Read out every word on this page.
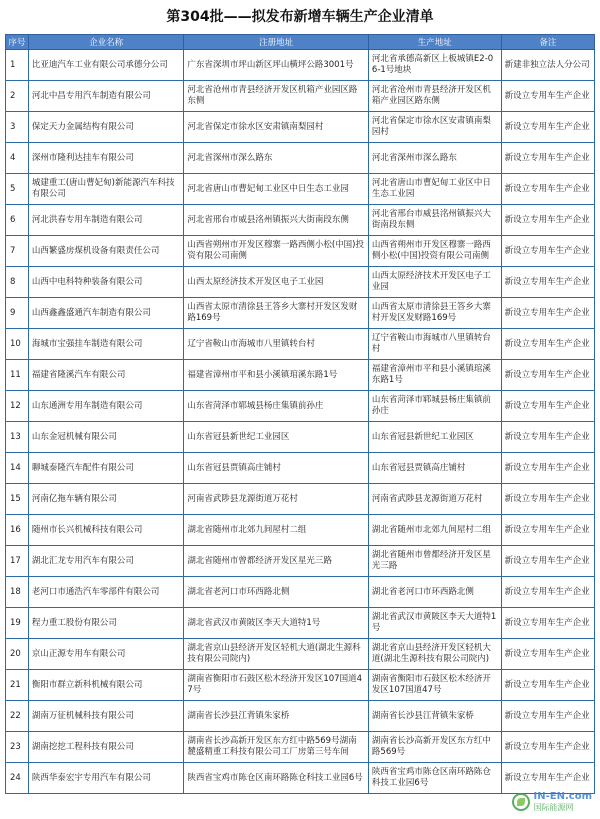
第304批——拟发布新增车辆生产企业清单
序号	企业名称	注册地址	生产地址	备注
1	比亚迪汽车工业有限公司承德分公司	广东省深圳市坪山新区坪山横坪公路3001号	河北省承德高新区上板城镇E2-06-1号地块	新建非独立法人分公司
2	河北中昌专用汽车制造有限公司	河北省沧州市青县经济开发区机箱产业园区路东侧	河北省沧州市青县经济开发区机箱产业园区路东侧	新设立专用车生产企业
3	保定天力金属结构有限公司	河北省保定市徐水区安肃镇南梨园村	河北省保定市徐水区安肃镇南梨园村	新设立专用车生产企业
4	深州市隆利达挂车有限公司	河北省深州市深么路东	河北省深州市深么路东	新设立专用车生产企业
5	城建重工(唐山曹妃甸)新能源汽车科技有限公司	河北省唐山市曹妃甸工业区中日生态工业园	河北省唐山市曹妃甸工业区中日生态工业园	新设立专用车生产企业
6	河北洪春专用车制造有限公司	河北省邢台市威县洺州镇振兴大街南段东侧	河北省邢台市威县洺州镇振兴大街南段东侧	新设立专用车生产企业
7	山西繁盛房煤机设备有限责任公司	山西省朔州市开发区穆寨一路西侧小松(中国)投资有限公司南侧	山西省朔州市开发区穆寨一路西侧小松(中国)投资有限公司南侧	新设立专用车生产企业
8	山西中电科特种装备有限公司	山西太原经济技术开发区电子工业园	山西太原经济技术开发区电子工业园	新设立专用车生产企业
9	山西鑫鑫盛通汽车制造有限公司	山西省太原市清徐县王答乡大寨村开发区发财路169号	山西省太原市清徐县王答乡大寨村开发区发财路169号	新设立专用车生产企业
10	海城市宝强挂车制造有限公司	辽宁省鞍山市海城市八里镇转台村	辽宁省鞍山市海城市八里镇转台村	新设立专用车生产企业
11	福建省隆溪汽车有限公司	福建省漳州市平和县小溪镇琯溪东路1号	福建省漳州市平和县小溪镇琯溪东路1号	新设立专用车生产企业
12	山东通洲专用车制造有限公司	山东省菏泽市郓城县杨庄集镇前孙庄	山东省菏泽市郓城县杨庄集镇前孙庄	新设立专用车生产企业
13	山东金冠机械有限公司	山东省冠县新世纪工业园区	山东省冠县新世纪工业园区	新设立专用车生产企业
14	聊城泰隆汽车配件有限公司	山东省冠县贾镇高庄铺村	山东省冠县贾镇高庄铺村	新设立专用车生产企业
15	河南亿拖车辆有限公司	河南省武陟县龙源街道万花村	河南省武陟县龙源街道万花村	新设立专用车生产企业
16	随州市长兴机械科技有限公司	湖北省随州市北郊九间屋村二组	湖北省随州市北郊九间屋村二组	新设立专用车生产企业
17	湖北汇龙专用汽车有限公司	湖北省随州市曾都经济开发区星光三路	湖北省随州市曾都经济开发区星光三路	新设立专用车生产企业
18	老河口市通浩汽车零部件有限公司	湖北省老河口市环西路北侧	湖北省老河口市环西路北侧	新设立专用车生产企业
19	程力重工股份有限公司	湖北省武汉市黄陂区李天大道特1号	湖北省武汉市黄陂区李天大道特1号	新设立专用车生产企业
20	京山正源专用车有限公司	湖北省京山县经济开发区轻机大道(湖北生源科技有限公司院内)	湖北省京山县经济开发区轻机大道(湖北生源科技有限公司院内)	新设立专用车生产企业
21	衡阳市群立新科机械有限公司	湖南省衡阳市石鼓区松木经济开发区107国道47号	湖南省衡阳市石鼓区松木经济开发区107国道47号	新设立专用车生产企业
22	湖南万征机械科技有限公司	湖南省长沙县江背镇朱家桥	湖南省长沙县江背镇朱家桥	新设立专用车生产企业
23	湖南挖挖工程科技有限公司	湖南省长沙高新开发区东方红中路569号湖南麓盛精重工科技有限公司工厂房第三号车间	湖南省长沙高新开发区东方红中路569号	新设立专用车生产企业
24	陕西华泰宏宇专用汽车有限公司	陕西省宝鸡市陈仓区南环路陈仓科技工业园6号	陕西省宝鸡市陈仓区南环路陈仓科技工业园6号	新设立专用车生产企业
IN-EN.com
国际能源网
